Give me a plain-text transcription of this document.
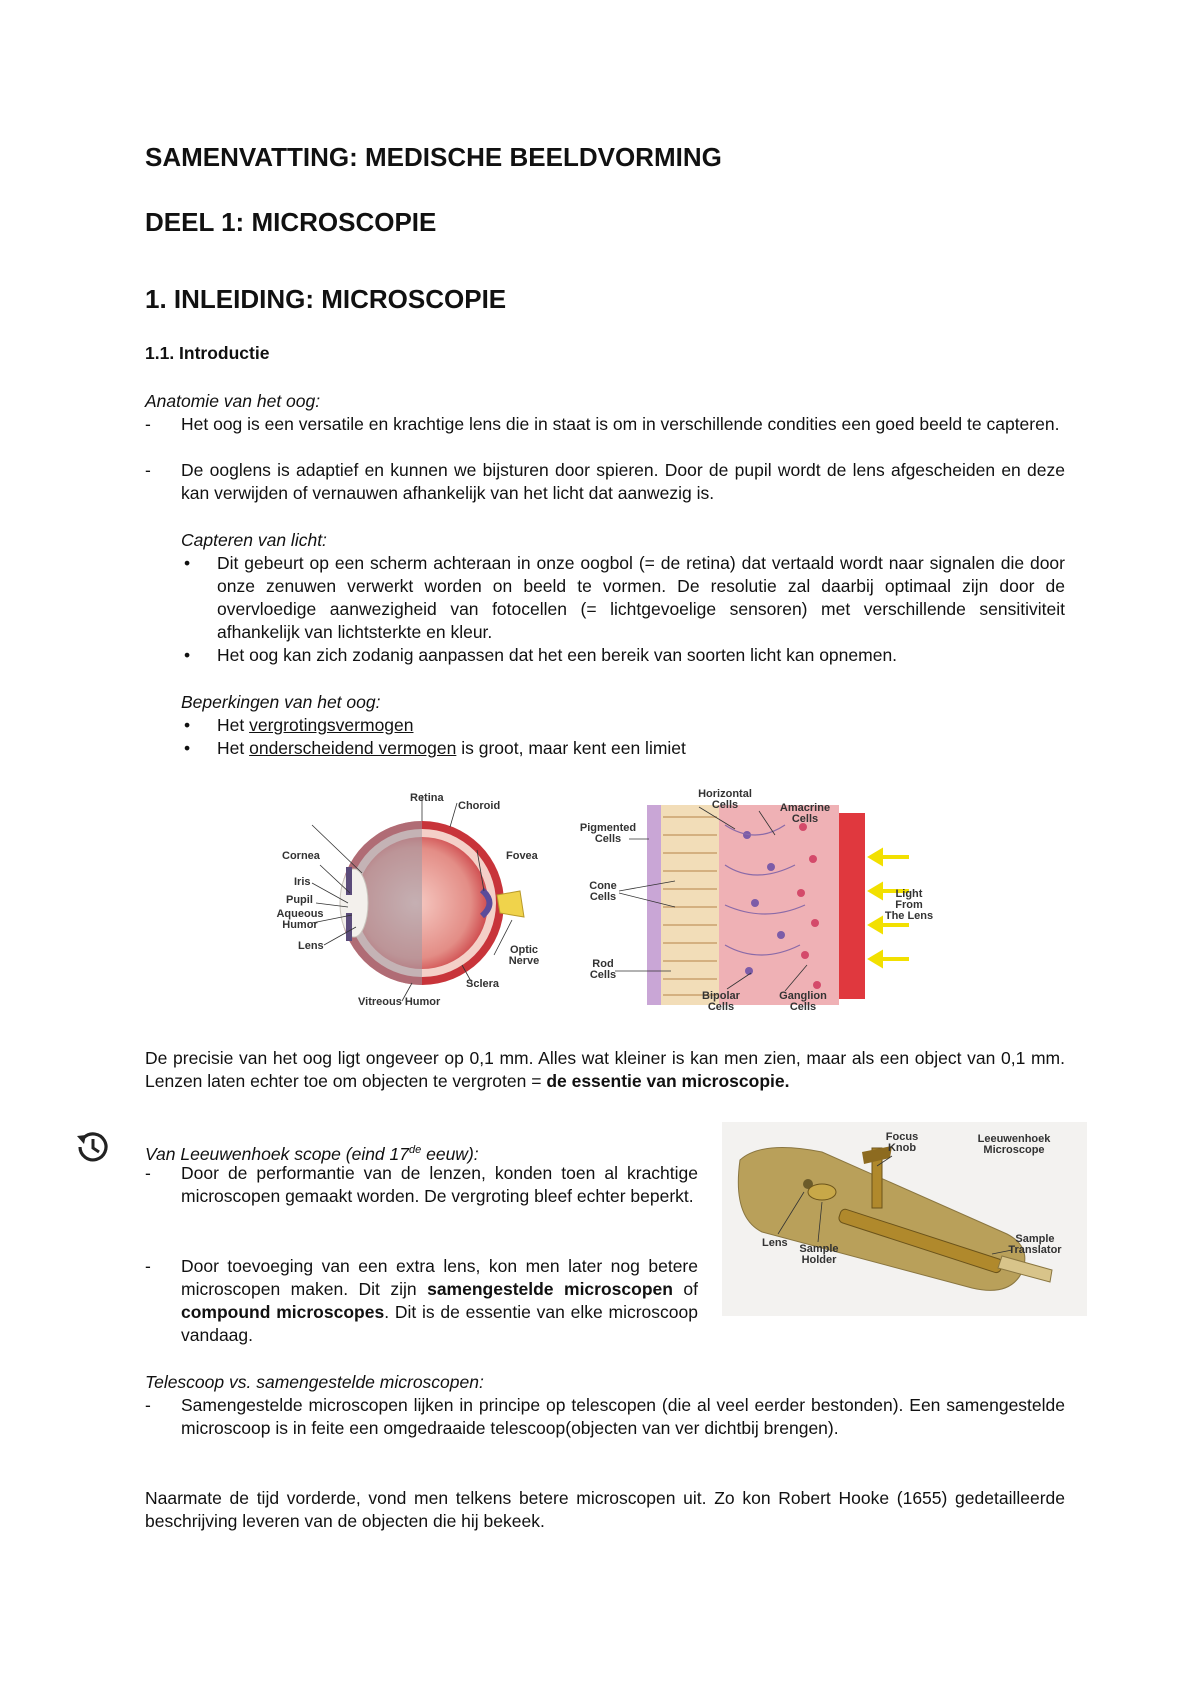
SAMENVATTING: MEDISCHE BEELDVORMING
DEEL 1: MICROSCOPIE
1. INLEIDING: MICROSCOPIE
1.1. Introductie
Anatomie van het oog:
- Het oog is een versatile en krachtige lens die in staat is om in verschillende condities een goed beeld te capteren.
- De ooglens is adaptief en kunnen we bijsturen door spieren. Door de pupil wordt de lens afgescheiden en deze kan verwijden of vernauwen afhankelijk van het licht dat aanwezig is.
Capteren van licht:
• Dit gebeurt op een scherm achteraan in onze oogbol (= de retina) dat vertaald wordt naar signalen die door onze zenuwen verwerkt worden on beeld te vormen. De resolutie zal daarbij optimaal zijn door de overvloedige aanwezigheid van fotocellen (= lichtgevoelige sensoren) met verschillende sensitiviteit afhankelijk van lichtsterkte en kleur.
• Het oog kan zich zodanig aanpassen dat het een bereik van soorten licht kan opnemen.
Beperkingen van het oog:
• Het vergrotingsvermogen
• Het onderscheidend vermogen is groot, maar kent een limiet
Retina
Choroid
Cornea
Iris
Pupil
Aqueous
Humor
Lens
Fovea
Optic
Nerve
Sclera
Vitreous Humor
Horizontal
Cells	Amacrine
Cells
Pigmented
Cells
Cone
Cells
Rod
Cells
Bipolar
Cells
Ganglion
Cells
Light
From
The Lens
De precisie van het oog ligt ongeveer op 0,1 mm. Alles wat kleiner is kan men zien, maar als een object van 0,1 mm. Lenzen laten echter toe om objecten te vergroten = de essentie van microscopie.
Van Leeuwenhoek scope (eind 17de eeuw):
- Door de performantie van de lenzen, konden toen al krachtige microscopen gemaakt worden. De vergroting bleef echter beperkt.
- Door toevoeging van een extra lens, kon men later nog betere microscopen maken. Dit zijn samengestelde microscopen of compound microscopes. Dit is de essentie van elke microscoop vandaag.
Focus
Knob
Leeuwenhoek
Microscope
Lens	Sample
Holder
Sample
Translator
Telescoop vs. samengestelde microscopen:
- Samengestelde microscopen lijken in principe op telescopen (die al veel eerder bestonden). Een samengestelde microscoop is in feite een omgedraaide telescoop(objecten van ver dichtbij brengen).
Naarmate de tijd vorderde, vond men telkens betere microscopen uit. Zo kon Robert Hooke (1655) gedetailleerde beschrijving leveren van de objecten die hij bekeek.
